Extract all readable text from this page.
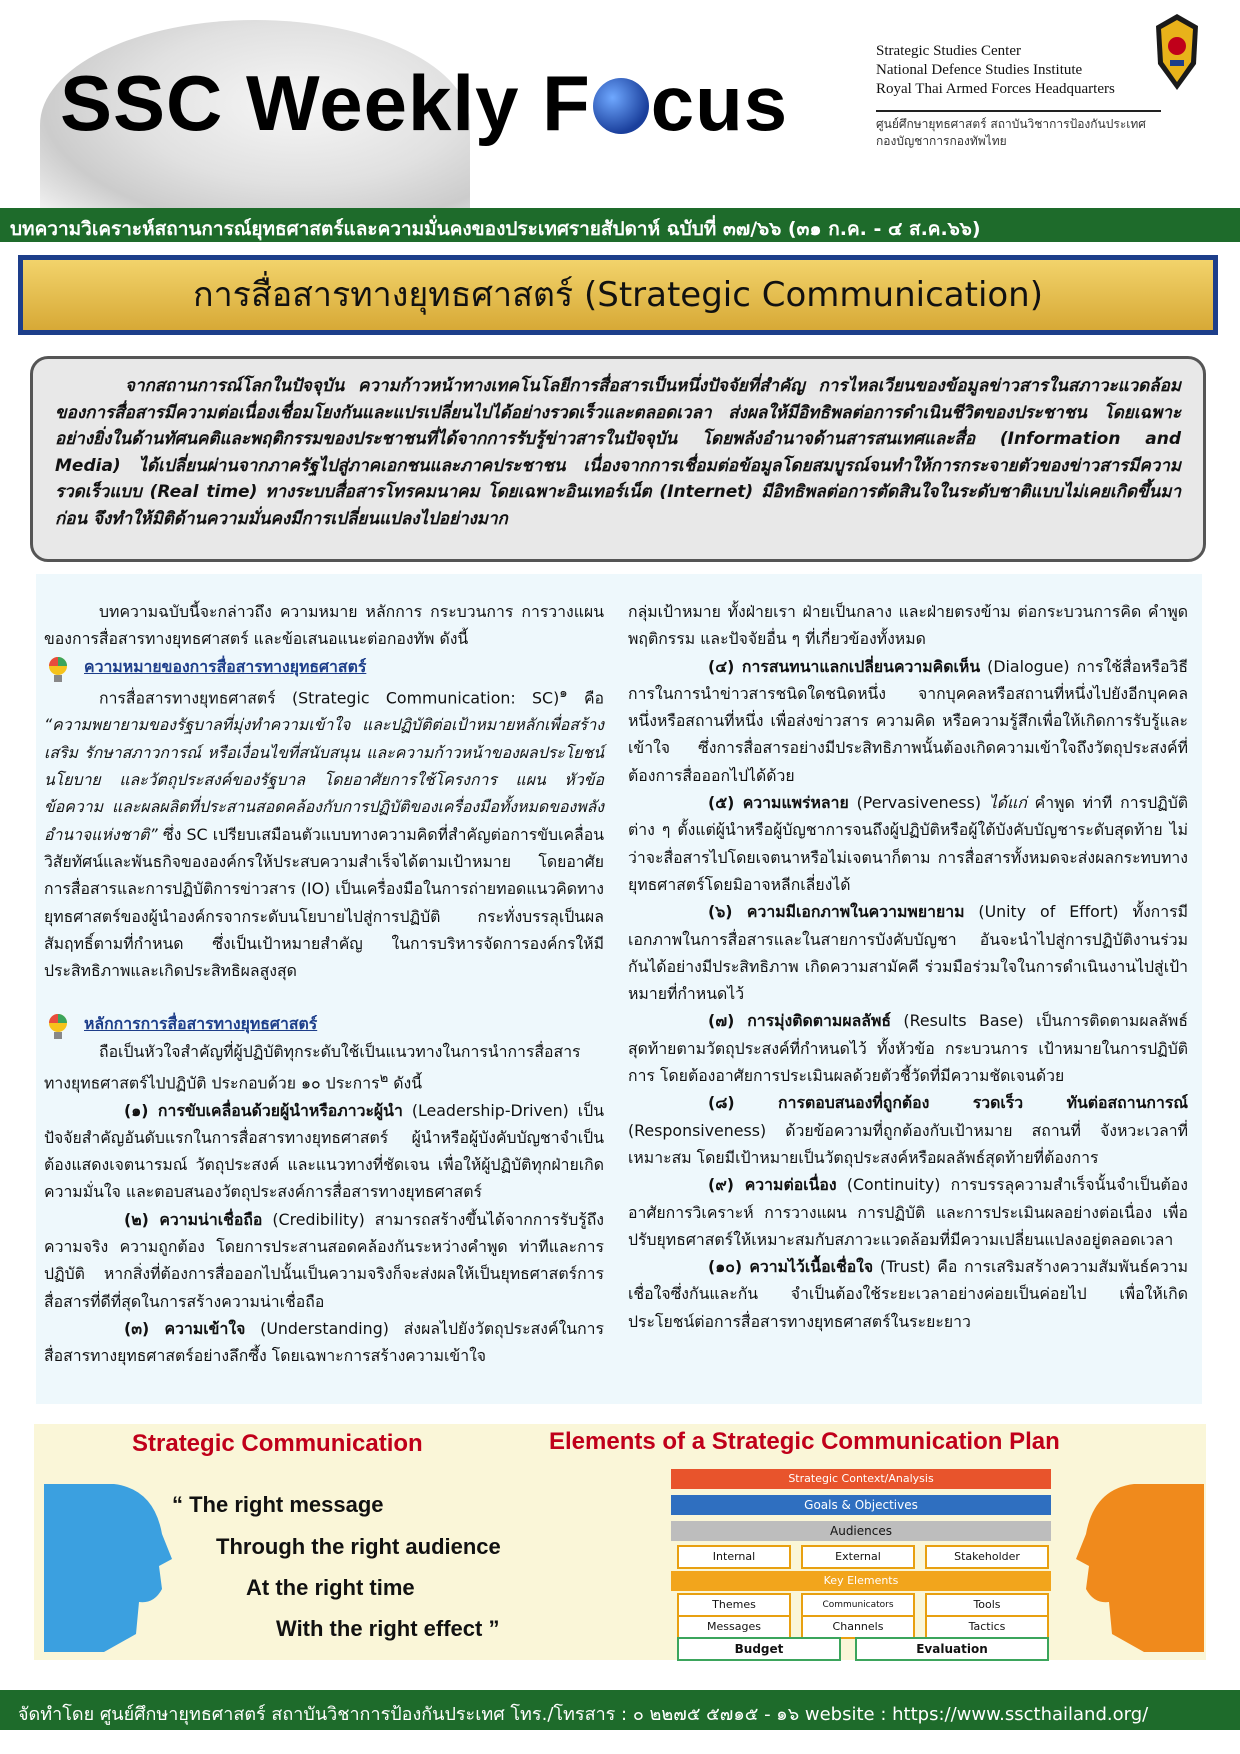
SSC Weekly F cus
Strategic Studies Center
National Defence Studies Institute
Royal Thai Armed Forces Headquarters
ศูนย์ศึกษายุทธศาสตร์ สถาบันวิชาการป้องกันประเทศ
กองบัญชาการกองทัพไทย
บทความวิเคราะห์สถานการณ์ยุทธศาสตร์และความมั่นคงของประเทศรายสัปดาห์ ฉบับที่ ๓๗/๖๖ (๓๑ ก.ค. - ๔ ส.ค.๖๖)
การสื่อสารทางยุทธศาสตร์ (Strategic Communication)

จากสถานการณ์โลกในปัจจุบัน ความก้าวหน้าทางเทคโนโลยีการสื่อสารเป็นหนึ่งปัจจัยที่สำคัญ การไหลเวียนของข้อมูลข่าวสารในสภาวะแวดล้อมของการสื่อสารมีความต่อเนื่องเชื่อมโยงกันและแปรเปลี่ยนไปได้อย่างรวดเร็วและตลอดเวลา ส่งผลให้มีอิทธิพลต่อการดำเนินชีวิตของประชาชน โดยเฉพาะอย่างยิ่งในด้านทัศนคติและพฤติกรรมของประชาชนที่ได้จากการรับรู้ข่าวสารในปัจจุบัน โดยพลังอำนาจด้านสารสนเทศและสื่อ (Information and Media) ได้เปลี่ยนผ่านจากภาครัฐไปสู่ภาคเอกชนและภาคประชาชน เนื่องจากการเชื่อมต่อข้อมูลโดยสมบูรณ์จนทำให้การกระจายตัวของข่าวสารมีความรวดเร็วแบบ (Real time) ทางระบบสื่อสารโทรคมนาคม โดยเฉพาะอินเทอร์เน็ต (Internet) มีอิทธิพลต่อการตัดสินใจในระดับชาติแบบไม่เคยเกิดขึ้นมาก่อน จึงทำให้มิติด้านความมั่นคงมีการเปลี่ยนแปลงไปอย่างมาก

บทความฉบับนี้จะกล่าวถึง ความหมาย หลักการ กระบวนการ การวางแผนของการสื่อสารทางยุทธศาสตร์ และข้อเสนอแนะต่อกองทัพ ดังนี้

ความหมายของการสื่อสารทางยุทธศาสตร์

การสื่อสารทางยุทธศาสตร์ (Strategic Communication: SC)$^๑$ คือ “ความพยายามของรัฐบาลที่มุ่งทำความเข้าใจ และปฏิบัติต่อเป้าหมายหลักเพื่อสร้างเสริม รักษาสภาวการณ์ หรือเงื่อนไขที่สนับสนุน และความก้าวหน้าของผลประโยชน์ นโยบาย และวัตถุประสงค์ของรัฐบาล โดยอาศัยการใช้โครงการ แผน หัวข้อ ข้อความ และผลผลิตที่ประสานสอดคล้องกับการปฏิบัติของเครื่องมือทั้งหมดของพลังอำนาจแห่งชาติ” ซึ่ง SC เปรียบเสมือนตัวแบบทางความคิดที่สำคัญต่อการขับเคลื่อนวิสัยทัศน์และพันธกิจขององค์กรให้ประสบความสำเร็จได้ตามเป้าหมาย โดยอาศัยการสื่อสารและการปฏิบัติการข่าวสาร (IO) เป็นเครื่องมือในการถ่ายทอดแนวคิดทางยุทธศาสตร์ของผู้นำองค์กรจากระดับนโยบายไปสู่การปฏิบัติ กระทั่งบรรลุเป็นผลสัมฤทธิ์ตามที่กำหนด ซึ่งเป็นเป้าหมายสำคัญ ในการบริหารจัดการองค์กรให้มีประสิทธิภาพและเกิดประสิทธิผลสูงสุด

หลักการการสื่อสารทางยุทธศาสตร์

ถือเป็นหัวใจสำคัญที่ผู้ปฏิบัติทุกระดับใช้เป็นแนวทางในการนำการสื่อสารทางยุทธศาสตร์ไปปฏิบัติ ประกอบด้วย ๑๐ ประการ$^๒$ ดังนี้

(๑) การขับเคลื่อนด้วยผู้นำหรือภาวะผู้นำ (Leadership-Driven) เป็นปัจจัยสำคัญอันดับแรกในการสื่อสารทางยุทธศาสตร์ ผู้นำหรือผู้บังคับบัญชาจำเป็นต้องแสดงเจตนารมณ์ วัตถุประสงค์ และแนวทางที่ชัดเจน เพื่อให้ผู้ปฏิบัติทุกฝ่ายเกิดความมั่นใจ และตอบสนองวัตถุประสงค์การสื่อสารทางยุทธศาสตร์

(๒) ความน่าเชื่อถือ (Credibility) สามารถสร้างขึ้นได้จากการรับรู้ถึงความจริง ความถูกต้อง โดยการประสานสอดคล้องกันระหว่างคำพูด ท่าทีและการปฏิบัติ หากสิ่งที่ต้องการสื่อออกไปนั้นเป็นความจริงก็จะส่งผลให้เป็นยุทธศาสตร์การสื่อสารที่ดีที่สุดในการสร้างความน่าเชื่อถือ

(๓) ความเข้าใจ (Understanding) ส่งผลไปยังวัตถุประสงค์ในการสื่อสารทางยุทธศาสตร์อย่างลึกซึ้ง โดยเฉพาะการสร้างความเข้าใจ

กลุ่มเป้าหมาย ทั้งฝ่ายเรา ฝ่ายเป็นกลาง และฝ่ายตรงข้าม ต่อกระบวนการคิด คำพูด พฤติกรรม และปัจจัยอื่น ๆ ที่เกี่ยวข้องทั้งหมด

(๔) การสนทนาแลกเปลี่ยนความคิดเห็น (Dialogue) การใช้สื่อหรือวิธีการในการนำข่าวสารชนิดใดชนิดหนึ่ง จากบุคคลหรือสถานที่หนึ่งไปยังอีกบุคคลหนึ่งหรือสถานที่หนึ่ง เพื่อส่งข่าวสาร ความคิด หรือความรู้สึกเพื่อให้เกิดการรับรู้และเข้าใจ ซึ่งการสื่อสารอย่างมีประสิทธิภาพนั้นต้องเกิดความเข้าใจถึงวัตถุประสงค์ที่ต้องการสื่อออกไปได้ด้วย

(๕) ความแพร่หลาย (Pervasiveness) ได้แก่ คำพูด ท่าที การปฏิบัติต่าง ๆ ตั้งแต่ผู้นำหรือผู้บัญชาการจนถึงผู้ปฏิบัติหรือผู้ใต้บังคับบัญชาระดับสุดท้าย ไม่ว่าจะสื่อสารไปโดยเจตนาหรือไม่เจตนาก็ตาม การสื่อสารทั้งหมดจะส่งผลกระทบทางยุทธศาสตร์โดยมิอาจหลีกเลี่ยงได้

(๖) ความมีเอกภาพในความพยายาม (Unity of Effort) ทั้งการมีเอกภาพในการสื่อสารและในสายการบังคับบัญชา อันจะนำไปสู่การปฏิบัติงานร่วมกันได้อย่างมีประสิทธิภาพ เกิดความสามัคคี ร่วมมือร่วมใจในการดำเนินงานไปสู่เป้าหมายที่กำหนดไว้

(๗) การมุ่งติดตามผลลัพธ์ (Results Base) เป็นการติดตามผลลัพธ์สุดท้ายตามวัตถุประสงค์ที่กำหนดไว้ ทั้งหัวข้อ กระบวนการ เป้าหมายในการปฏิบัติการ โดยต้องอาศัยการประเมินผลด้วยตัวชี้วัดที่มีความชัดเจนด้วย

(๘) การตอบสนองที่ถูกต้อง รวดเร็ว ทันต่อสถานการณ์ (Responsiveness) ด้วยข้อความที่ถูกต้องกับเป้าหมาย สถานที่ จังหวะเวลาที่เหมาะสม โดยมีเป้าหมายเป็นวัตถุประสงค์หรือผลลัพธ์สุดท้ายที่ต้องการ

(๙) ความต่อเนื่อง (Continuity) การบรรลุความสำเร็จนั้นจำเป็นต้องอาศัยการวิเคราะห์ การวางแผน การปฏิบัติ และการประเมินผลอย่างต่อเนื่อง เพื่อปรับยุทธศาสตร์ให้เหมาะสมกับสภาวะแวดล้อมที่มีความเปลี่ยนแปลงอยู่ตลอดเวลา

(๑๐) ความไว้เนื้อเชื่อใจ (Trust) คือ การเสริมสร้างความสัมพันธ์ความเชื่อใจซึ่งกันและกัน จำเป็นต้องใช้ระยะเวลาอย่างค่อยเป็นค่อยไป เพื่อให้เกิดประโยชน์ต่อการสื่อสารทางยุทธศาสตร์ในระยะยาว

Strategic Communication	Elements of a Strategic Communication Plan
“ The right message
Through the right audience
At the right time
With the right effect ”
Strategic Context/Analysis
Goals & Objectives
Audiences
Internal	External	Stakeholder
Key Elements
Themes	Communicators	Tools
Messages	Channels	Tactics
Budget	Evaluation
จัดทำโดย ศูนย์ศึกษายุทธศาสตร์ สถาบันวิชาการป้องกันประเทศ โทร./โทรสาร : ๐ ๒๒๗๕ ๕๗๑๕ - ๑๖ website : https://www.sscthailand.org/
